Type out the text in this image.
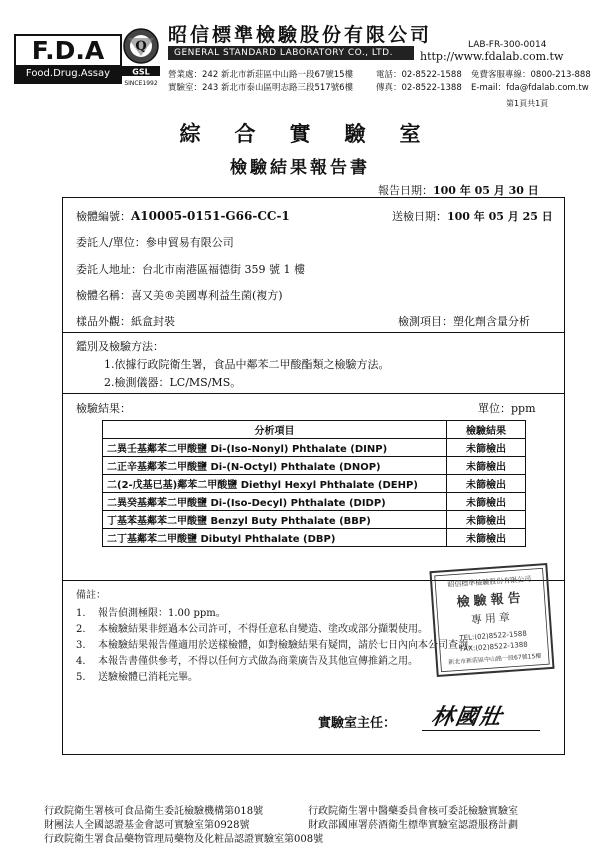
F.D.A
Food.Drug.Assay
Q
GSL
SINCE1992
昭信標準檢驗股份有限公司
GENERAL STANDARD LABORATORY CO., LTD.
LAB-FR-300-0014
http://www.fdalab.com.tw
營業處：242 新北市新莊區中山路一段67號15樓
實驗室：243 新北市泰山區明志路三段517號6樓
電話：02-8522-1588
傳真：02-8522-1388
免費客服專線：0800-213-888
E-mail：fda@fdalab.com.tw
第1頁共1頁
綜合實驗室
檢驗結果報告書
報告日期：100 年 05 月 30 日
檢體編號：A10005-0151-G66-CC-1	送檢日期：100 年 05 月 25 日
委託人/單位：參申貿易有限公司
委託人地址：台北市南港區福德街 359 號 1 樓
檢體名稱：喜又美®美國專利益生菌(複方)
樣品外觀：紙盒封裝	檢測項目：塑化劑含量分析
鑑別及檢驗方法：
1.依據行政院衛生署，食品中鄰苯二甲酸酯類之檢驗方法。
2.檢測儀器：LC/MS/MS。
檢驗結果：	單位：ppm
分析項目	檢驗結果
二異壬基鄰苯二甲酸鹽 Di-(Iso-Nonyl) Phthalate (DINP)	未篩檢出
二正辛基鄰苯二甲酸鹽 Di-(N-Octyl) Phthalate (DNOP)	未篩檢出
二(2-戊基已基)鄰苯二甲酸鹽 Diethyl Hexyl Phthalate (DEHP)	未篩檢出
二異癸基鄰苯二甲酸鹽 Di-(Iso-Decyl) Phthalate (DIDP)	未篩檢出
丁基苯基鄰苯二甲酸鹽 Benzyl Buty Phthalate (BBP)	未篩檢出
二丁基鄰苯二甲酸鹽 Dibutyl Phthalate (DBP)	未篩檢出
備註：
1. 報告偵測極限：1.00 ppm。
2. 本檢驗結果非經過本公司許可，不得任意私自變造、塗改或部分擷製使用。
3. 本檢驗結果報告僅適用於送樣檢體，如對檢驗結果有疑問，請於七日內向本公司查詢。
4. 本報告書僅供參考，不得以任何方式做為商業廣告及其他宣傳推銷之用。
5. 送驗檢體已消耗完畢。
昭信標準檢驗股份有限公司
檢驗報告
專用章
TEL:(02)8522-1588
FAX:(02)8522-1388
新北市新莊區中山路一段67號15樓
實驗室主任： 林國壯
行政院衛生署核可食品衛生委託檢驗機構第018號	行政院衛生署中醫藥委員會核可委託檢驗實驗室
財團法人全國認證基金會認可實驗室第0928號	財政部國庫署菸酒衛生標準實驗室認證服務計劃
行政院衛生署食品藥物管理局藥物及化粧品認證實驗室第008號
